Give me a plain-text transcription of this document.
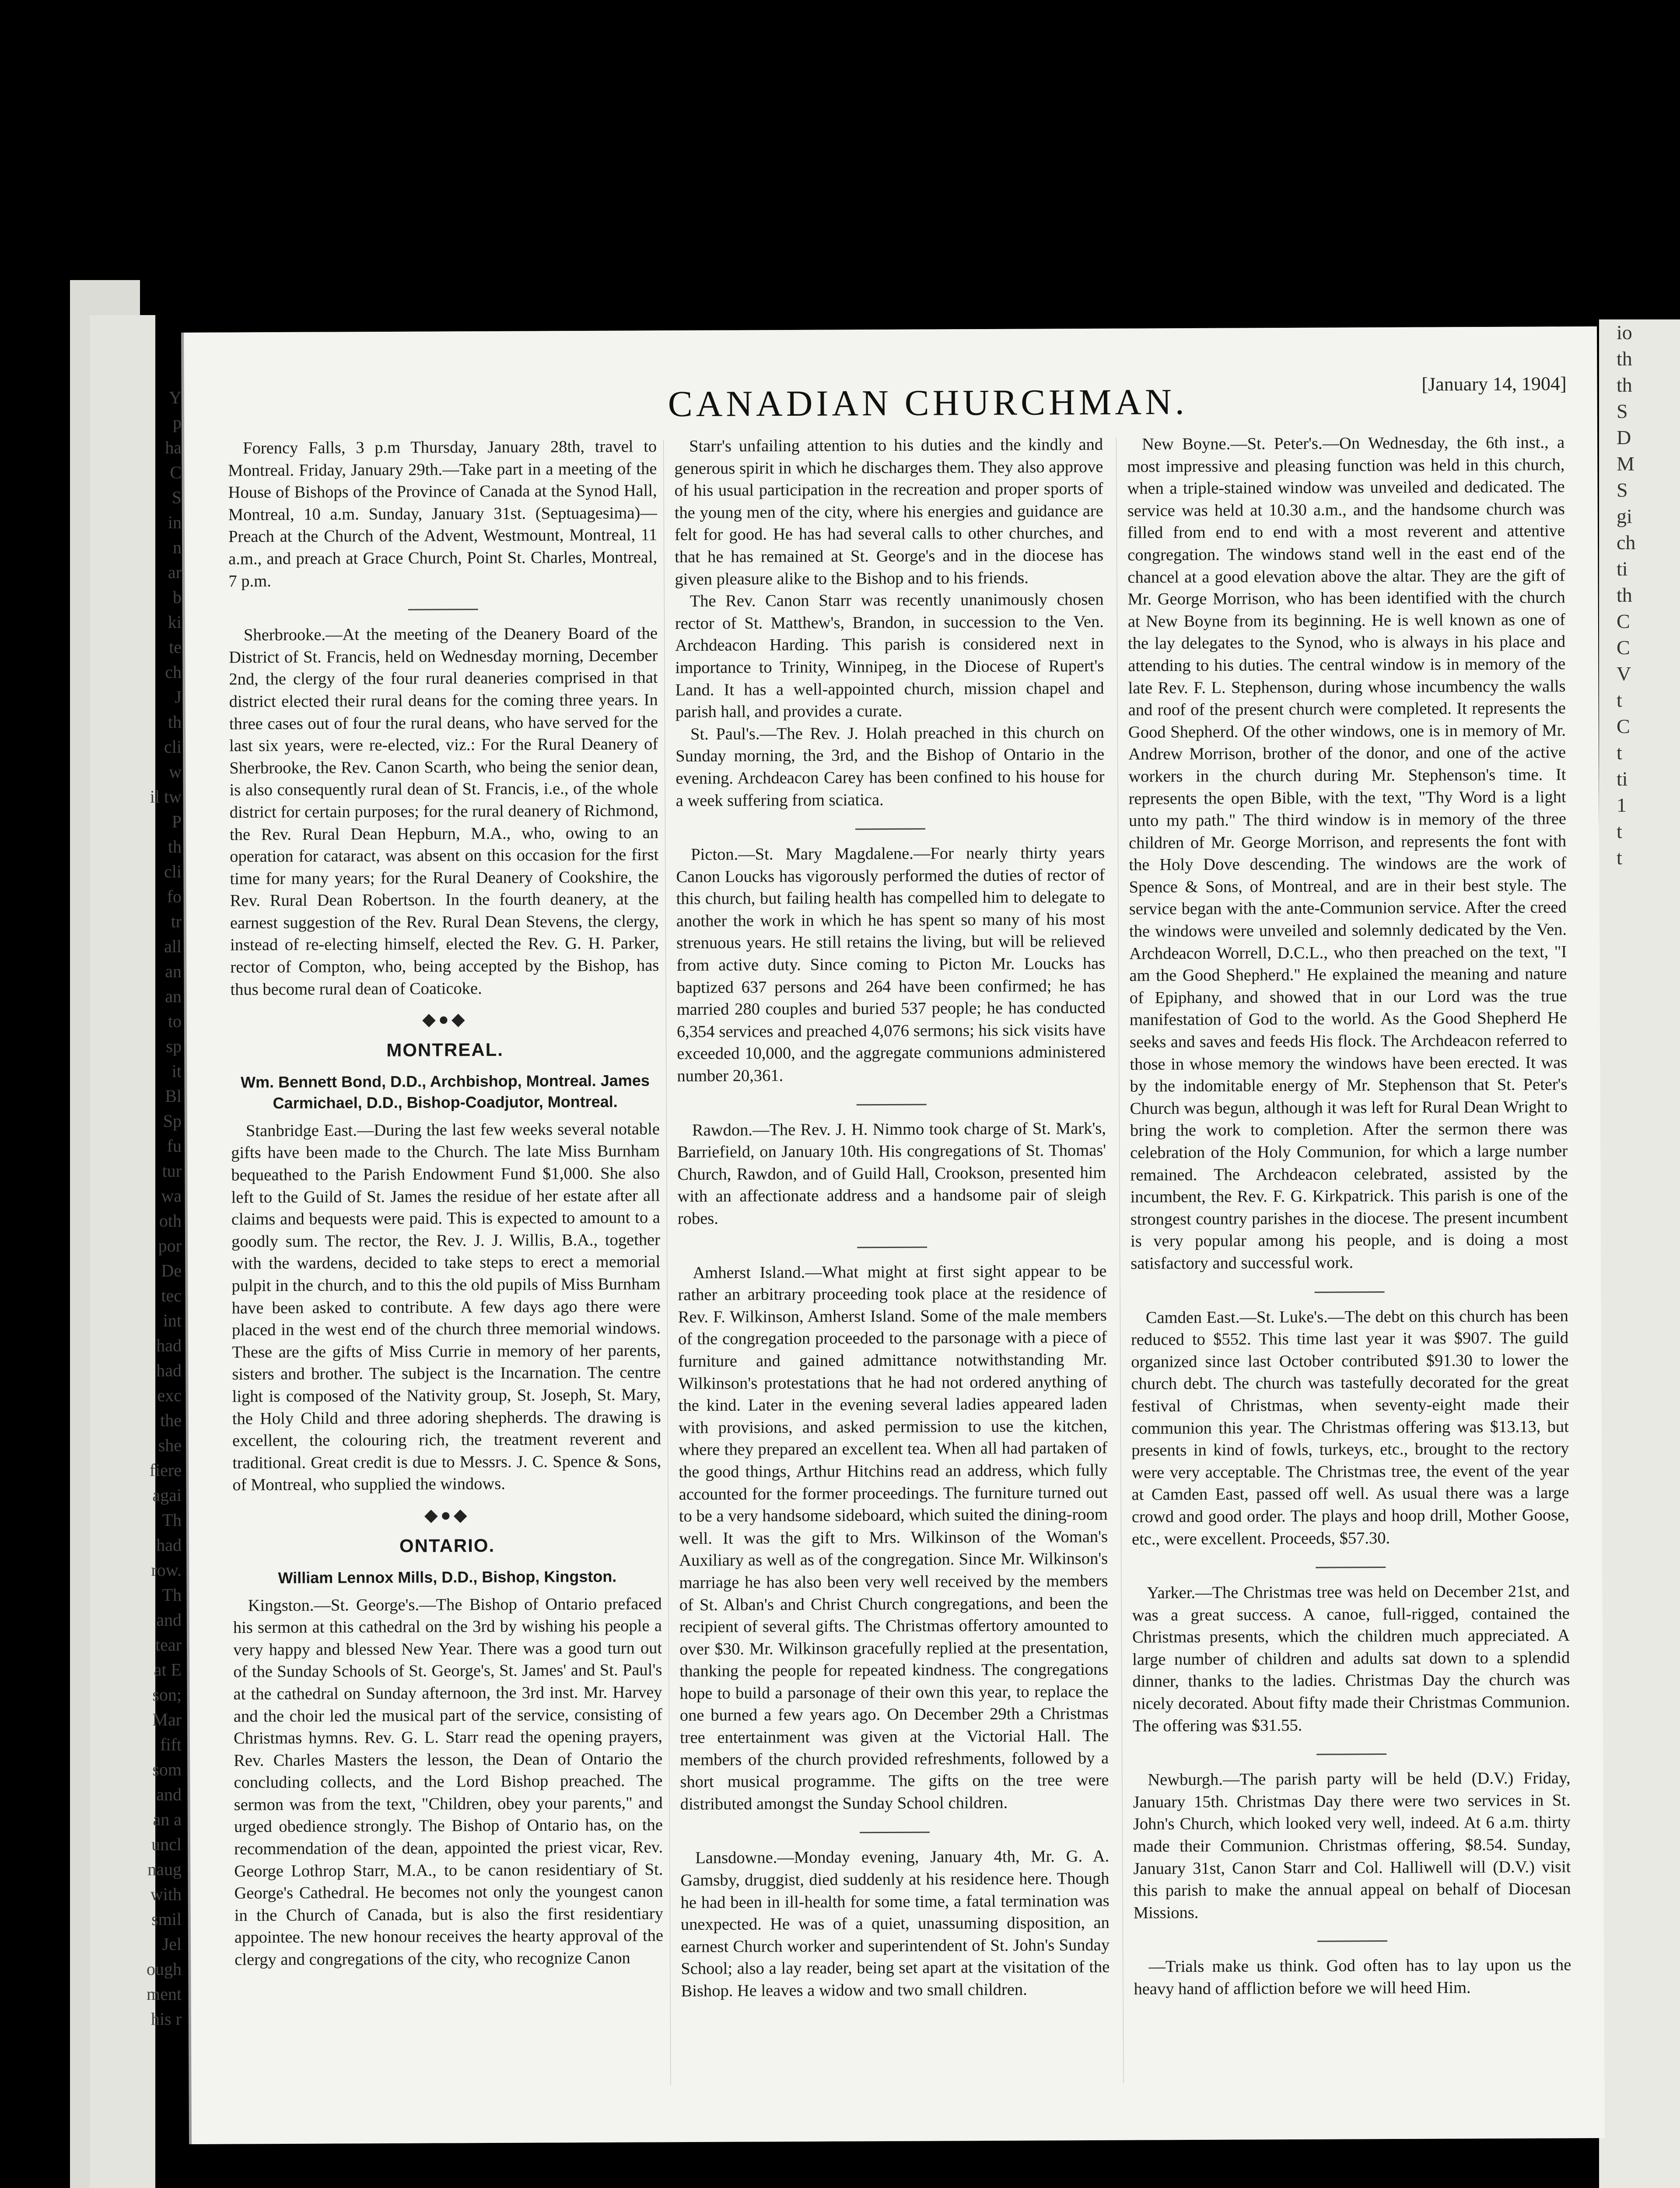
Y
p
ha
C
S
in
n
ar
b
ki
te
ch
J
th
cli
w
il tw
P
th
cli
fo
tr
all
an
an
to
sp
it
Bl
Sp
fu
tur
wa
oth
por
De
tec
int
had
had
exc
the
she
fiere
agai
Th
had
row.
Th
and
tear
at E
son;
Mar
fift
som
and
an a
uncl
naug
with
smil
Jel
ough
ment
his r
io
th
th
S
D
M
S
gi
ch
ti
th
C
C
V
t
C
t
ti
1
t
t
CANADIAN CHURCHMAN.	[January 14, 1904]

Forency Falls, 3 p.m Thursday, January 28th, travel to Montreal. Friday, January 29th.—Take part in a meeting of the House of Bishops of the Province of Canada at the Synod Hall, Montreal, 10 a.m. Sunday, January 31st. (Septuagesima)—Preach at the Church of the Advent, Westmount, Montreal, 11 a.m., and preach at Grace Church, Point St. Charles, Montreal, 7 p.m.

Sherbrooke.—At the meeting of the Deanery Board of the District of St. Francis, held on Wednesday morning, December 2nd, the clergy of the four rural deaneries comprised in that district elected their rural deans for the coming three years. In three cases out of four the rural deans, who have served for the last six years, were re-elected, viz.: For the Rural Deanery of Sherbrooke, the Rev. Canon Scarth, who being the senior dean, is also consequently rural dean of St. Francis, i.e., of the whole district for certain purposes; for the rural deanery of Richmond, the Rev. Rural Dean Hepburn, M.A., who, owing to an operation for cataract, was absent on this occasion for the first time for many years; for the Rural Deanery of Cookshire, the Rev. Rural Dean Robertson. In the fourth deanery, at the earnest suggestion of the Rev. Rural Dean Stevens, the clergy, instead of re-electing himself, elected the Rev. G. H. Parker, rector of Compton, who, being accepted by the Bishop, has thus become rural dean of Coaticoke.

◆●◆
MONTREAL.
Wm. Bennett Bond, D.D., Archbishop, Montreal. James Carmichael, D.D., Bishop-Coadjutor, Montreal.

Stanbridge East.—During the last few weeks several notable gifts have been made to the Church. The late Miss Burnham bequeathed to the Parish Endowment Fund $1,000. She also left to the Guild of St. James the residue of her estate after all claims and bequests were paid. This is expected to amount to a goodly sum. The rector, the Rev. J. J. Willis, B.A., together with the wardens, decided to take steps to erect a memorial pulpit in the church, and to this the old pupils of Miss Burnham have been asked to contribute. A few days ago there were placed in the west end of the church three memorial windows. These are the gifts of Miss Currie in memory of her parents, sisters and brother. The subject is the Incarnation. The centre light is composed of the Nativity group, St. Joseph, St. Mary, the Holy Child and three adoring shepherds. The drawing is excellent, the colouring rich, the treatment reverent and traditional. Great credit is due to Messrs. J. C. Spence & Sons, of Montreal, who supplied the windows.

◆●◆
ONTARIO.
William Lennox Mills, D.D., Bishop, Kingston.

Kingston.—St. George's.—The Bishop of Ontario prefaced his sermon at this cathedral on the 3rd by wishing his people a very happy and blessed New Year. There was a good turn out of the Sunday Schools of St. George's, St. James' and St. Paul's at the cathedral on Sunday afternoon, the 3rd inst. Mr. Harvey and the choir led the musical part of the service, consisting of Christmas hymns. Rev. G. L. Starr read the opening prayers, Rev. Charles Masters the lesson, the Dean of Ontario the concluding collects, and the Lord Bishop preached. The sermon was from the text, "Children, obey your parents," and urged obedience strongly. The Bishop of Ontario has, on the recommendation of the dean, appointed the priest vicar, Rev. George Lothrop Starr, M.A., to be canon residentiary of St. George's Cathedral. He becomes not only the youngest canon in the Church of Canada, but is also the first residentiary appointee. The new honour receives the hearty approval of the clergy and congregations of the city, who recognize Canon

Starr's unfailing attention to his duties and the kindly and generous spirit in which he discharges them. They also approve of his usual participation in the recreation and proper sports of the young men of the city, where his energies and guidance are felt for good. He has had several calls to other churches, and that he has remained at St. George's and in the diocese has given pleasure alike to the Bishop and to his friends.

The Rev. Canon Starr was recently unanimously chosen rector of St. Matthew's, Brandon, in succession to the Ven. Archdeacon Harding. This parish is considered next in importance to Trinity, Winnipeg, in the Diocese of Rupert's Land. It has a well-appointed church, mission chapel and parish hall, and provides a curate.

St. Paul's.—The Rev. J. Holah preached in this church on Sunday morning, the 3rd, and the Bishop of Ontario in the evening. Archdeacon Carey has been confined to his house for a week suffering from sciatica.

Picton.—St. Mary Magdalene.—For nearly thirty years Canon Loucks has vigorously performed the duties of rector of this church, but failing health has compelled him to delegate to another the work in which he has spent so many of his most strenuous years. He still retains the living, but will be relieved from active duty. Since coming to Picton Mr. Loucks has baptized 637 persons and 264 have been confirmed; he has married 280 couples and buried 537 people; he has conducted 6,354 services and preached 4,076 sermons; his sick visits have exceeded 10,000, and the aggregate communions administered number 20,361.

Rawdon.—The Rev. J. H. Nimmo took charge of St. Mark's, Barriefield, on January 10th. His congregations of St. Thomas' Church, Rawdon, and of Guild Hall, Crookson, presented him with an affectionate address and a handsome pair of sleigh robes.

Amherst Island.—What might at first sight appear to be rather an arbitrary proceeding took place at the residence of Rev. F. Wilkinson, Amherst Island. Some of the male members of the congregation proceeded to the parsonage with a piece of furniture and gained admittance notwithstanding Mr. Wilkinson's protestations that he had not ordered anything of the kind. Later in the evening several ladies appeared laden with provisions, and asked permission to use the kitchen, where they prepared an excellent tea. When all had partaken of the good things, Arthur Hitchins read an address, which fully accounted for the former proceedings. The furniture turned out to be a very handsome sideboard, which suited the dining-room well. It was the gift to Mrs. Wilkinson of the Woman's Auxiliary as well as of the congregation. Since Mr. Wilkinson's marriage he has also been very well received by the members of St. Alban's and Christ Church congregations, and been the recipient of several gifts. The Christmas offertory amounted to over $30. Mr. Wilkinson gracefully replied at the presentation, thanking the people for repeated kindness. The congregations hope to build a parsonage of their own this year, to replace the one burned a few years ago. On December 29th a Christmas tree entertainment was given at the Victorial Hall. The members of the church provided refreshments, followed by a short musical programme. The gifts on the tree were distributed amongst the Sunday School children.

Lansdowne.—Monday evening, January 4th, Mr. G. A. Gamsby, druggist, died suddenly at his residence here. Though he had been in ill-health for some time, a fatal termination was unexpected. He was of a quiet, unassuming disposition, an earnest Church worker and superintendent of St. John's Sunday School; also a lay reader, being set apart at the visitation of the Bishop. He leaves a widow and two small children.

New Boyne.—St. Peter's.—On Wednesday, the 6th inst., a most impressive and pleasing function was held in this church, when a triple-stained window was unveiled and dedicated. The service was held at 10.30 a.m., and the handsome church was filled from end to end with a most reverent and attentive congregation. The windows stand well in the east end of the chancel at a good elevation above the altar. They are the gift of Mr. George Morrison, who has been identified with the church at New Boyne from its beginning. He is well known as one of the lay delegates to the Synod, who is always in his place and attending to his duties. The central window is in memory of the late Rev. F. L. Stephenson, during whose incumbency the walls and roof of the present church were completed. It represents the Good Shepherd. Of the other windows, one is in memory of Mr. Andrew Morrison, brother of the donor, and one of the active workers in the church during Mr. Stephenson's time. It represents the open Bible, with the text, "Thy Word is a light unto my path." The third window is in memory of the three children of Mr. George Morrison, and represents the font with the Holy Dove descending. The windows are the work of Spence & Sons, of Montreal, and are in their best style. The service began with the ante-Communion service. After the creed the windows were unveiled and solemnly dedicated by the Ven. Archdeacon Worrell, D.C.L., who then preached on the text, "I am the Good Shepherd." He explained the meaning and nature of Epiphany, and showed that in our Lord was the true manifestation of God to the world. As the Good Shepherd He seeks and saves and feeds His flock. The Archdeacon referred to those in whose memory the windows have been erected. It was by the indomitable energy of Mr. Stephenson that St. Peter's Church was begun, although it was left for Rural Dean Wright to bring the work to completion. After the sermon there was celebration of the Holy Communion, for which a large number remained. The Archdeacon celebrated, assisted by the incumbent, the Rev. F. G. Kirkpatrick. This parish is one of the strongest country parishes in the diocese. The present incumbent is very popular among his people, and is doing a most satisfactory and successful work.

Camden East.—St. Luke's.—The debt on this church has been reduced to $552. This time last year it was $907. The guild organized since last October contributed $91.30 to lower the church debt. The church was tastefully decorated for the great festival of Christmas, when seventy-eight made their communion this year. The Christmas offering was $13.13, but presents in kind of fowls, turkeys, etc., brought to the rectory were very acceptable. The Christmas tree, the event of the year at Camden East, passed off well. As usual there was a large crowd and good order. The plays and hoop drill, Mother Goose, etc., were excellent. Proceeds, $57.30.

Yarker.—The Christmas tree was held on December 21st, and was a great success. A canoe, full-rigged, contained the Christmas presents, which the children much appreciated. A large number of children and adults sat down to a splendid dinner, thanks to the ladies. Christmas Day the church was nicely decorated. About fifty made their Christmas Communion. The offering was $31.55.

Newburgh.—The parish party will be held (D.V.) Friday, January 15th. Christmas Day there were two services in St. John's Church, which looked very well, indeed. At 6 a.m. thirty made their Communion. Christmas offering, $8.54. Sunday, January 31st, Canon Starr and Col. Halliwell will (D.V.) visit this parish to make the annual appeal on behalf of Diocesan Missions.

—Trials make us think. God often has to lay upon us the heavy hand of affliction before we will heed Him.
